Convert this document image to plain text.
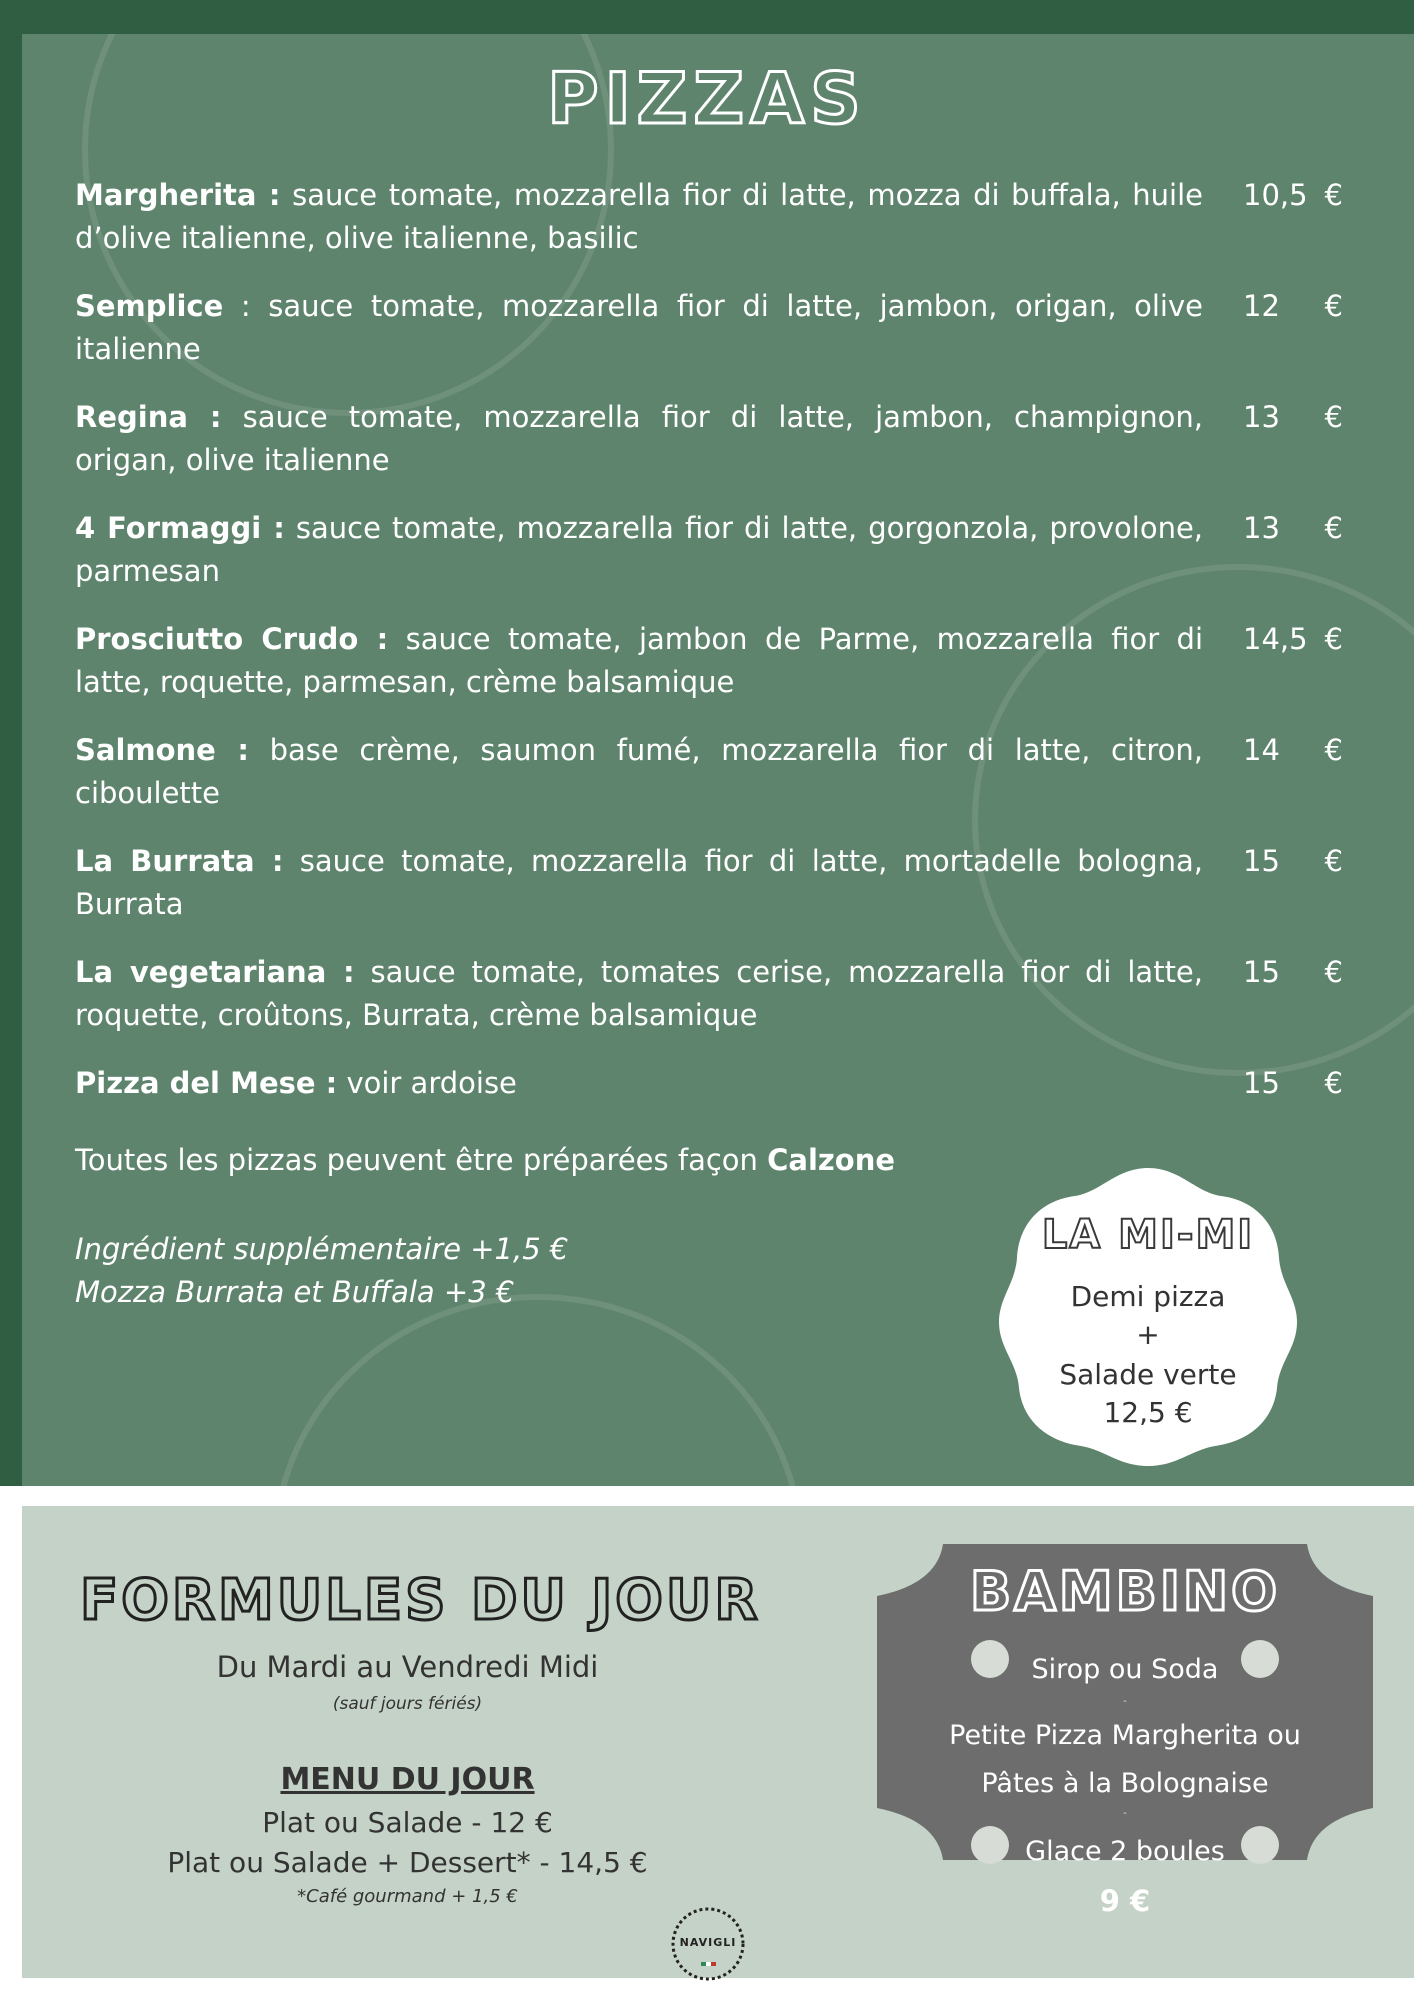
PIZZAS
Margherita : sauce tomate, mozzarella fior di latte, mozza di buffala, huile d’olive italienne, olive italienne, basilic
10,5 €
Semplice : sauce tomate, mozzarella fior di latte, jambon, origan, olive italienne
12 €
Regina : sauce tomate, mozzarella fior di latte, jambon, champignon, origan, olive italienne
13 €
4 Formaggi : sauce tomate, mozzarella fior di latte, gorgonzola, provolone, parmesan
13 €
Prosciutto Crudo : sauce tomate, jambon de Parme, mozzarella fior di latte, roquette, parmesan, crème balsamique
14,5 €
Salmone : base crème, saumon fumé, mozzarella fior di latte, citron, ciboulette
14 €
La Burrata : sauce tomate, mozzarella fior di latte, mortadelle bologna, Burrata
15 €
La vegetariana : sauce tomate, tomates cerise, mozzarella fior di latte, roquette, croûtons, Burrata, crème balsamique
15 €
Pizza del Mese : voir ardoise	15 €
Toutes les pizzas peuvent être préparées façon Calzone
Ingrédient supplémentaire +1,5 €
Mozza Burrata et Buffala +3 €
LA MI-MI
Demi pizza
+
Salade verte
12,5 €
FORMULES DU JOUR
Du Mardi au Vendredi Midi
(sauf jours fériés)
MENU DU JOUR
Plat ou Salade - 12 €
Plat ou Salade + Dessert* - 14,5 €
*Café gourmand + 1,5 €
BAMBINO
Sirop ou Soda
-
Petite Pizza Margherita ou
Pâtes à la Bolognaise
-
Glace 2 boules
9 €
NAVIGLI
